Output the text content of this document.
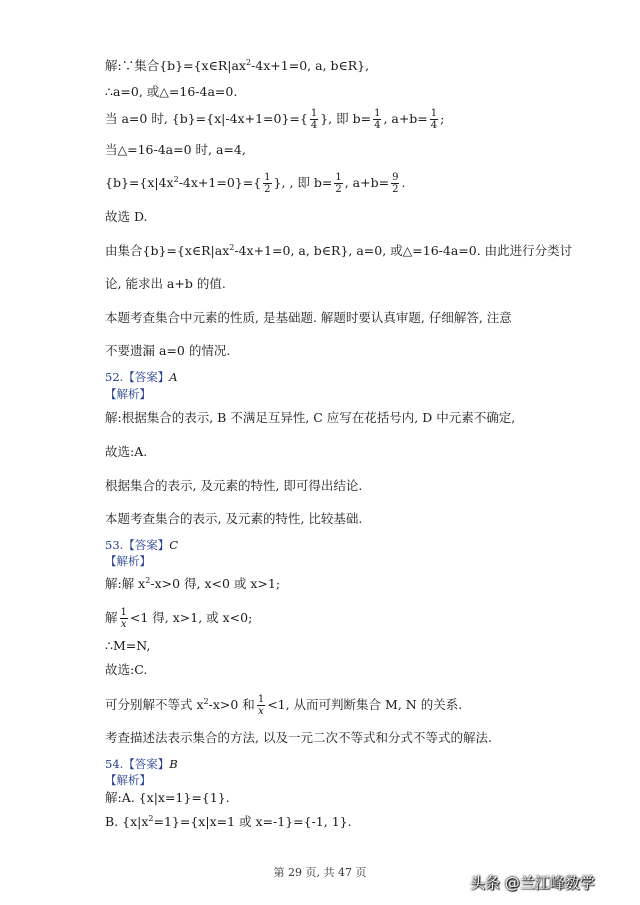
解:∵集合$\{b\}=\{x\in R|ax^2-4x+1=0$, a, b∈R},
∴a=0, 或△=16-4a=0.
当 a=0 时, $\{b\}=\{x|-4x+1=0\}=\{ \frac{1}{4}$ }, 即 $b= \frac{1}{4}$ , $a+b= \frac{1}{4}$ ;
当△=16-4a=0 时, a=4,
$\{b\}=\{x|4x^2-4x+1=0\}=\{ \frac{1}{2}$ }, , 即 $b= \frac{1}{2}$ , $a+b= \frac{9}{2}$ .
故选 D.
由集合$\{b\}=\{x\in R|ax^2-4x+1=0$, a, b∈R}, a=0, 或△=16-4a=0. 由此进行分类讨
论, 能求出 a+b 的值.
本题考查集合中元素的性质, 是基础题. 解题时要认真审题, 仔细解答, 注意
不要遗漏 a=0 的情况.
52.【答案】A
【解析】
解:根据集合的表示, B 不满足互异性, C 应写在花括号内, D 中元素不确定,
故选:A.
根据集合的表示, 及元素的特性, 即可得出结论.
本题考查集合的表示, 及元素的特性, 比较基础.
53.【答案】C
【解析】
解:解 $x^2-x>0$ 得, x<0 或 x>1;
解 $\frac{1}{x} <1$ 得, x>1, 或 x<0;
∴M=N,
故选:C.
可分别解不等式 $x^2-x>0$ 和 $\frac{1}{x} <1$, 从而可判断集合 M, N 的关系.
考查描述法表示集合的方法, 以及一元二次不等式和分式不等式的解法.
54.【答案】B
【解析】
解:A. {x|x=1}={1}.
B. $\{x|x^2=1\}=\{x|x=1$ 或 x=-1}={-1, 1}.
第 29 页, 共 47 页
头条 @兰江峰数学
